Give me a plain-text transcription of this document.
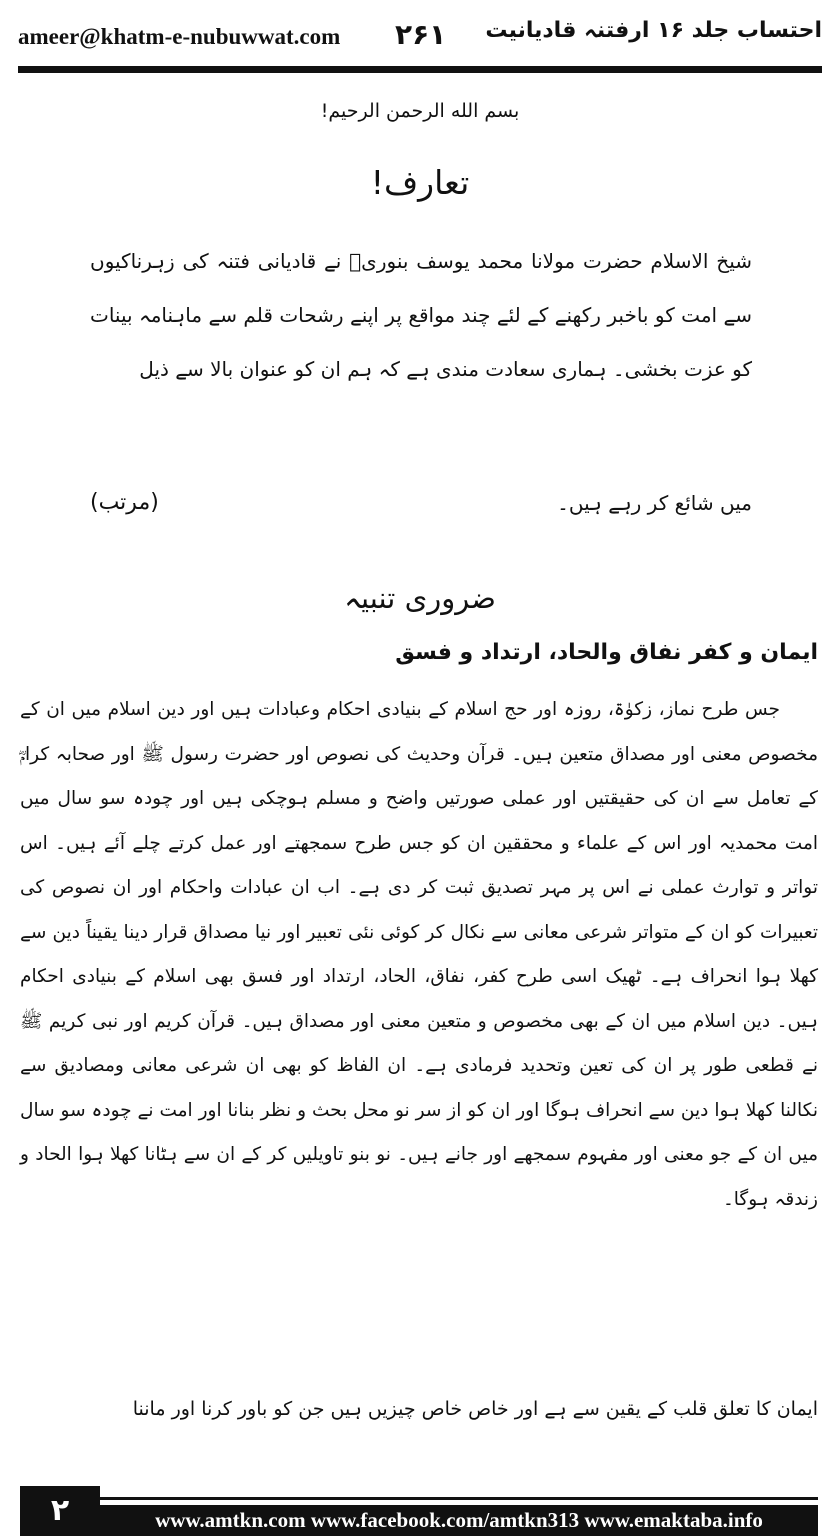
ameer@khatm-e-nubuwwat.com ۲۶۱ احتساب جلد ۱۶ ارفتنہ قادیانیت
بسم الله الرحمن الرحیم!
تعارف!
شیخ الاسلام حضرت مولانا محمد یوسف بنوریؒ نے قادیانی فتنہ کی زہرناکیوں سے امت کو باخبر رکھنے کے لئے چند مواقع پر اپنے رشحات قلم سے ماہنامہ بینات کو عزت بخشی۔ ہماری سعادت مندی ہے کہ ہم ان کو عنوان بالا سے ذیل
میں شائع کر رہے ہیں۔
(مرتب)
ضروری تنبیہ
ایمان و کفر نفاق والحاد، ارتداد و فسق
جس طرح نماز، زکوٰۃ، روزہ اور حج اسلام کے بنیادی احکام وعبادات ہیں اور دین اسلام میں ان کے مخصوص معنی اور مصداق متعین ہیں۔ قرآن وحدیث کی نصوص اور حضرت رسول ﷺ اور صحابہ کرامؓ کے تعامل سے ان کی حقیقتیں اور عملی صورتیں واضح و مسلم ہوچکی ہیں اور چودہ سو سال میں امت محمدیہ اور اس کے علماء و محققین ان کو جس طرح سمجھتے اور عمل کرتے چلے آئے ہیں۔ اس تواتر و توارث عملی نے اس پر مہر تصدیق ثبت کر دی ہے۔ اب ان عبادات واحکام اور ان نصوص کی تعبیرات کو ان کے متواتر شرعی معانی سے نکال کر کوئی نئی تعبیر اور نیا مصداق قرار دینا یقیناً دین سے کھلا ہوا انحراف ہے۔ ٹھیک اسی طرح کفر، نفاق، الحاد، ارتداد اور فسق بھی اسلام کے بنیادی احکام ہیں۔ دین اسلام میں ان کے بھی مخصوص و متعین معنی اور مصداق ہیں۔ قرآن کریم اور نبی کریم ﷺ نے قطعی طور پر ان کی تعین وتحدید فرمادی ہے۔ ان الفاظ کو بھی ان شرعی معانی ومصادیق سے نکالنا کھلا ہوا دین سے انحراف ہوگا اور ان کو از سر نو محل بحث و نظر بنانا اور امت نے چودہ سو سال میں ان کے جو معنی اور مفہوم سمجھے اور جانے ہیں۔ نو بنو تاویلیں کر کے ان سے ہٹانا کھلا ہوا الحاد و زندقہ ہوگا۔
ایمان کا تعلق قلب کے یقین سے ہے اور خاص خاص چیزیں ہیں جن کو باور کرنا اور ماننا
۲	www.amtkn.com www.facebook.com/amtkn313 www.emaktaba.info
